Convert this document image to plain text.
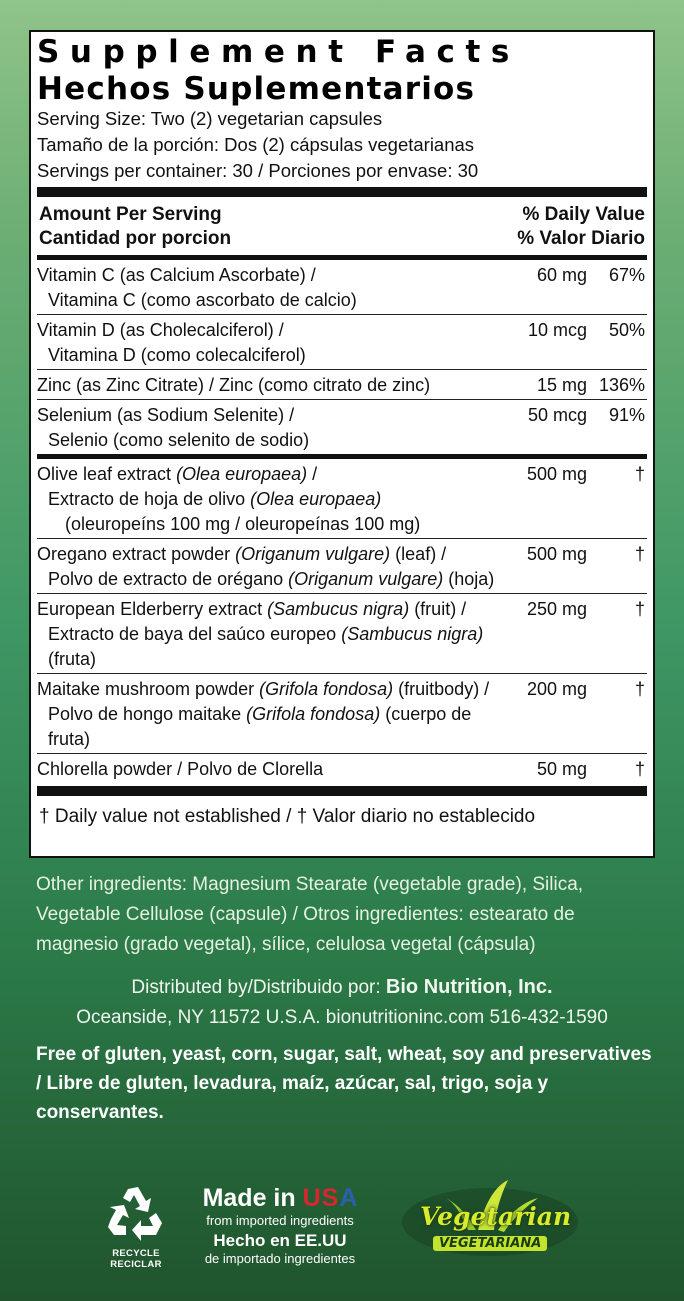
Supplement Facts
Hechos Suplementarios
Serving Size: Two (2) vegetarian capsules
Tamaño de la porción: Dos (2) cápsulas vegetarianas
Servings per container: 30 / Porciones por envase: 30
Amount Per Serving
Cantidad por porcion
% Daily Value
% Valor Diario
Vitamin C (as Calcium Ascorbate) /
Vitamina C (como ascorbato de calcio)
60 mg	67%
Vitamin D (as Cholecalciferol) /
Vitamina D (como colecalciferol)
10 mcg	50%
Zinc (as Zinc Citrate) / Zinc (como citrato de zinc)	15 mg 136%
Selenium (as Sodium Selenite) /
Selenio (como selenito de sodio)
50 mcg	91%
Olive leaf extract (Olea europaea) /
Extracto de hoja de olivo (Olea europaea)
(oleuropeíns 100 mg / oleuropeínas 100 mg)
500 mg	†
Oregano extract powder (Origanum vulgare) (leaf) /
Polvo de extracto de orégano (Origanum vulgare) (hoja)
500 mg	†
European Elderberry extract (Sambucus nigra) (fruit) /
Extracto de baya del saúco europeo (Sambucus nigra) (fruta)
250 mg	†
Maitake mushroom powder (Grifola fondosa) (fruitbody) /
Polvo de hongo maitake (Grifola fondosa) (cuerpo de fruta)
200 mg	†
Chlorella powder / Polvo de Clorella	50 mg	†
† Daily value not established / † Valor diario no establecido
Other ingredients: Magnesium Stearate (vegetable grade), Silica, Vegetable Cellulose (capsule) / Otros ingredientes: estearato de magnesio (grado vegetal), sílice, celulosa vegetal (cápsula)
Distributed by/Distribuido por: Bio Nutrition, Inc.
Oceanside, NY 11572 U.S.A. bionutritioninc.com 516-432-1590
Free of gluten, yeast, corn, sugar, salt, wheat, soy and preservatives / Libre de gluten, levadura, maíz, azúcar, sal, trigo, soja y conservantes.
RECYCLE
RECICLAR
Made in USA
from imported ingredients
Hecho en EE.UU
de importado ingredientes
Vegetarian
VEGETARIANA
